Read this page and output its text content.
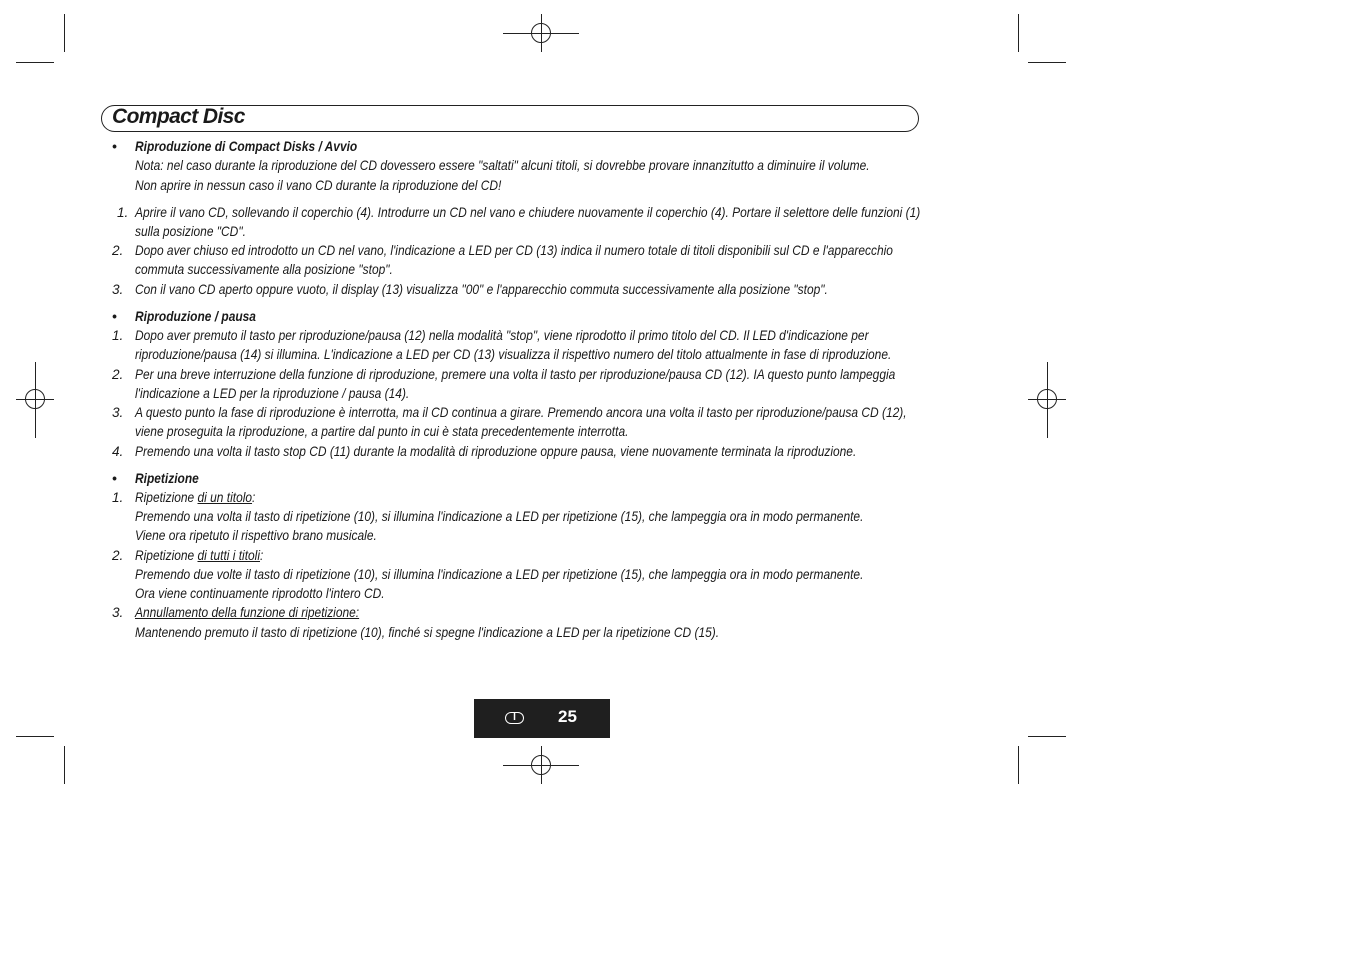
Compact Disc
• Riproduzione di Compact Disks / Avvio
Nota: nel caso durante la riproduzione del CD dovessero essere "saltati" alcuni titoli, si dovrebbe provare innanzitutto a diminuire il volume.
Non aprire in nessun caso il vano CD durante la riproduzione del CD!
1. Aprire il vano CD, sollevando il coperchio (4). Introdurre un CD nel vano e chiudere nuovamente il coperchio (4). Portare il selettore delle funzioni (1)
sulla posizione "CD".
2. Dopo aver chiuso ed introdotto un CD nel vano, l'indicazione a LED per CD (13) indica il numero totale di titoli disponibili sul CD e l'apparecchio
commuta successivamente alla posizione "stop".
3. Con il vano CD aperto oppure vuoto, il display (13) visualizza "00" e l'apparecchio commuta successivamente alla posizione "stop".
• Riproduzione / pausa
1. Dopo aver premuto il tasto per riproduzione/pausa (12) nella modalità "stop", viene riprodotto il primo titolo del CD. Il LED d'indicazione per
riproduzione/pausa (14) si illumina. L'indicazione a LED per CD (13) visualizza il rispettivo numero del titolo attualmente in fase di riproduzione.
2. Per una breve interruzione della funzione di riproduzione, premere una volta il tasto per riproduzione/pausa CD (12). IA questo punto lampeggia
l'indicazione a LED per la riproduzione / pausa (14).
3. A questo punto la fase di riproduzione è interrotta, ma il CD continua a girare. Premendo ancora una volta il tasto per riproduzione/pausa CD (12),
viene proseguita la riproduzione, a partire dal punto in cui è stata precedentemente interrotta.
4. Premendo una volta il tasto stop CD (11) durante la modalità di riproduzione oppure pausa, viene nuovamente terminata la riproduzione.
• Ripetizione
1. Ripetizione di un titolo:
Premendo una volta il tasto di ripetizione (10), si illumina l'indicazione a LED per ripetizione (15), che lampeggia ora in modo permanente.
Viene ora ripetuto il rispettivo brano musicale.
2. Ripetizione di tutti i titoli:
Premendo due volte il tasto di ripetizione (10), si illumina l'indicazione a LED per ripetizione (15), che lampeggia ora in modo permanente.
Ora viene continuamente riprodotto l'intero CD.
3. Annullamento della funzione di ripetizione:
Mantenendo premuto il tasto di ripetizione (10), finché si spegne l'indicazione a LED per la ripetizione CD (15).
I	25
